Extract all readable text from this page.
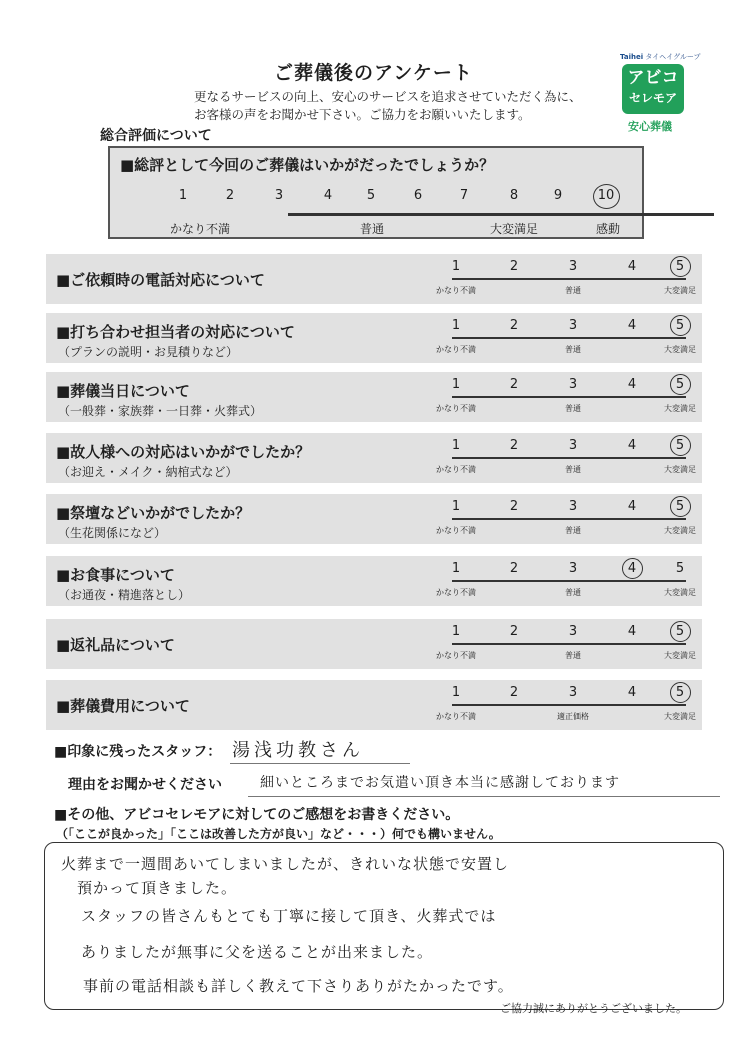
ご葬儀後のアンケート
更なるサービスの向上、安心のサービスを追求させていただく為に、
お客様の声をお聞かせ下さい。ご協力をお願いいたします。
Taihei タイヘイグループ
アビコ
セレモア
安心葬儀
総合評価について
■総評として今回のご葬儀はいかがだったでしょうか？
1	2	3	4	5	6	7	8	9	10
かなり不満	普通	大変満足	感動
■ご依頼時の電話対応について
1	2	3	4	5
かなり不満	普通	大変満足
■打ち合わせ担当者の対応について
（プランの説明・お見積りなど）
1	2	3	4	5
かなり不満	普通	大変満足
■葬儀当日について
（一般葬・家族葬・一日葬・火葬式）
1	2	3	4	5
かなり不満	普通	大変満足
■故人様への対応はいかがでしたか？
（お迎え・メイク・納棺式など）
1	2	3	4	5
かなり不満	普通	大変満足
■祭壇などいかがでしたか？
（生花関係になど）
1	2	3	4	5
かなり不満	普通	大変満足
■お食事について
（お通夜・精進落とし）
1	2	3	4	5
かなり不満	普通	大変満足
■返礼品について
1	2	3	4	5
かなり不満	普通	大変満足
■葬儀費用について
1	2	3	4	5
かなり不満	適正価格	大変満足
■印象に残ったスタッフ： 湯浅功教さん
理由をお聞かせください	細いところまでお気遣い頂き本当に感謝しております
■その他、アビコセレモアに対してのご感想をお書きください。
（「ここが良かった」「ここは改善した方が良い」など・・・）何でも構いません。
火葬まで一週間あいてしまいましたが、きれいな状態で安置し
預かって頂きました。
スタッフの皆さんもとても丁寧に接して頂き、火葬式では
ありましたが無事に父を送ることが出来ました。
事前の電話相談も詳しく教えて下さりありがたかったです。
ご協力誠にありがとうございました。
